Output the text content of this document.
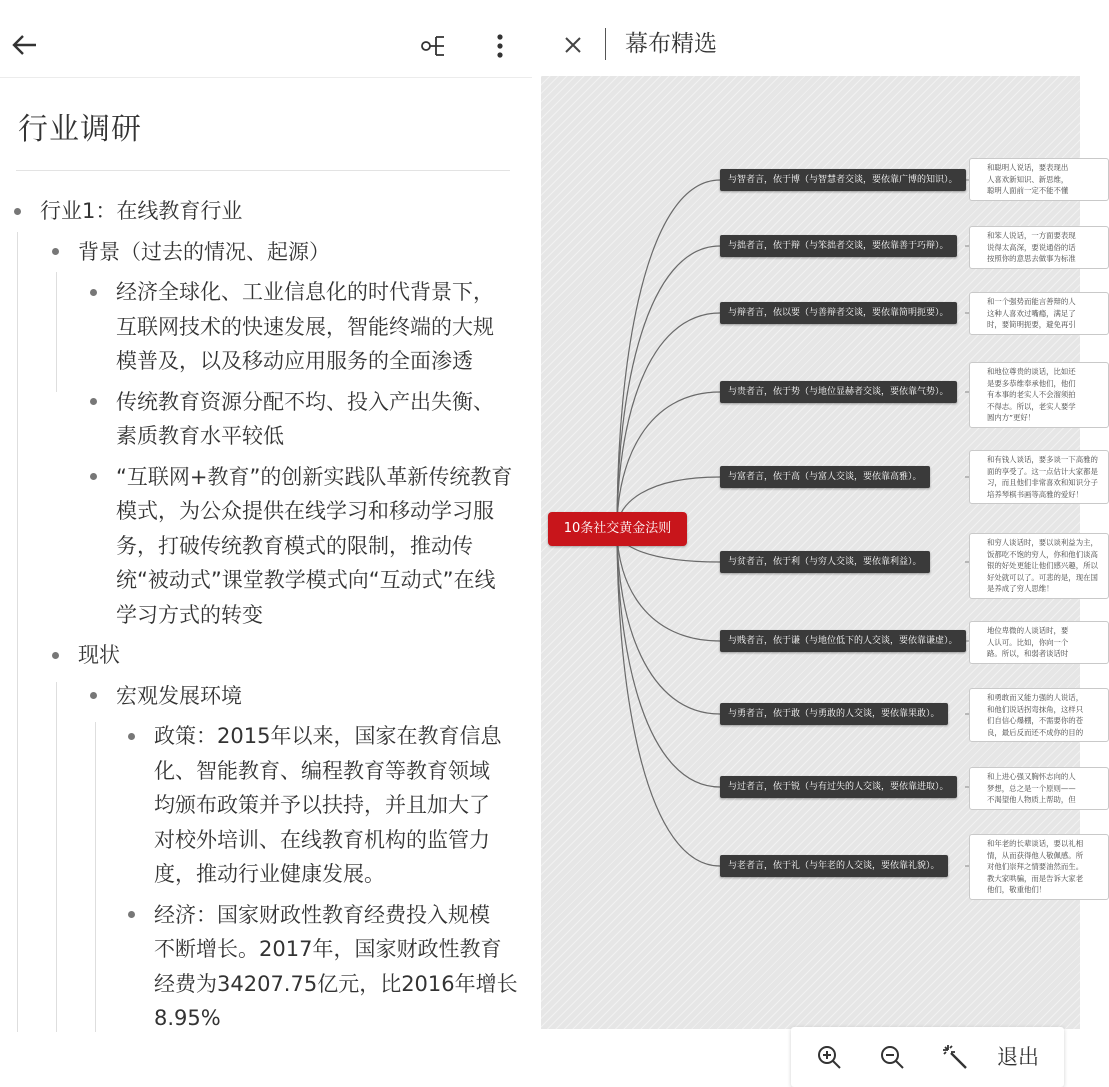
行业调研
行业1：在线教育行业
背景（过去的情况、起源）
经济全球化、工业信息化的时代背景下，
互联网技术的快速发展，智能终端的大规
模普及，以及移动应用服务的全面渗透
传统教育资源分配不均、投入产出失衡、
素质教育水平较低
“互联网+教育”的创新实践队革新传统教育
模式，为公众提供在线学习和移动学习服
务，打破传统教育模式的限制，推动传
统“被动式”课堂教学模式向“互动式”在线
学习方式的转变
现状
宏观发展环境
政策：2015年以来，国家在教育信息
化、智能教育、编程教育等教育领域
均颁布政策并予以扶持，并且加大了
对校外培训、在线教育机构的监管力
度，推动行业健康发展。
经济：国家财政性教育经费投入规模
不断增长。2017年，国家财政性教育
经费为34207.75亿元，比2016年增长
8.95%
幕布精选
10条社交黄金法则
与智者言，依于博（与智慧者交谈，要依靠广博的知识）。
和聪明人说话，要表现出
人喜欢新知识、新思维，
聪明人面前一定不能不懂
与拙者言，依于辩（与笨拙者交谈，要依靠善于巧辩）。
和笨人说话，一方面要表现
说得太高深，要说通俗的话
按照你的意思去做事为标准
与辩者言，依以要（与善辩者交谈，要依靠简明扼要）。
和一个强势而能言善辩的人
这种人喜欢过嘴瘾，满足了
时，要简明扼要，避免再引
与贵者言，依于势（与地位显赫者交谈，要依靠气势）。
和地位尊贵的谈话，比如还
是要多恭维奉承他们，他们
有本事的老实人不会溜须拍
不得志。所以，老实人要学
圆内方”更好！
与富者言，依于高（与富人交谈，要依靠高雅）。
和有钱人谈话，要多谈一下高雅的
面的享受了。这一点估计大家都是
习，而且他们非常喜欢和知识分子
培养琴棋书画等高雅的爱好！
与贫者言，依于利（与穷人交谈，要依靠利益）。
和穷人谈话时，要以谈利益为主，
饭都吃不饱的穷人，你和他们谈高
银的好处更能让他们感兴趣，所以
好处就可以了。可悲的是，现在国
是养成了穷人思维！
与贱者言，依于谦（与地位低下的人交谈，要依靠谦虚）。
地位卑微的人谈话时，要
人认可。比如，你向一个
路。所以，和弱者谈话时
与勇者言，依于敢（与勇敢的人交谈，要依靠果敢）。
和勇敢而又能力强的人说话，
和他们说话拐弯抹角，这样只
们自信心爆棚，不需要你的苍
良，最后反而还不成你的目的
与过者言，依于锐（与有过失的人交谈，要依靠进取）。
和上进心强又胸怀志向的人
梦想，总之是一个原则——
不渴望他人物质上帮助，但
与老者言，依于礼（与年老的人交谈，要依靠礼貌）。
和年老的长辈谈话，要以礼相
情，从而获得他人敬佩感。所
对他们崇拜之情要油然而生。
教大家哄骗，而是告诉大家老
他们，敬重他们！
退出
